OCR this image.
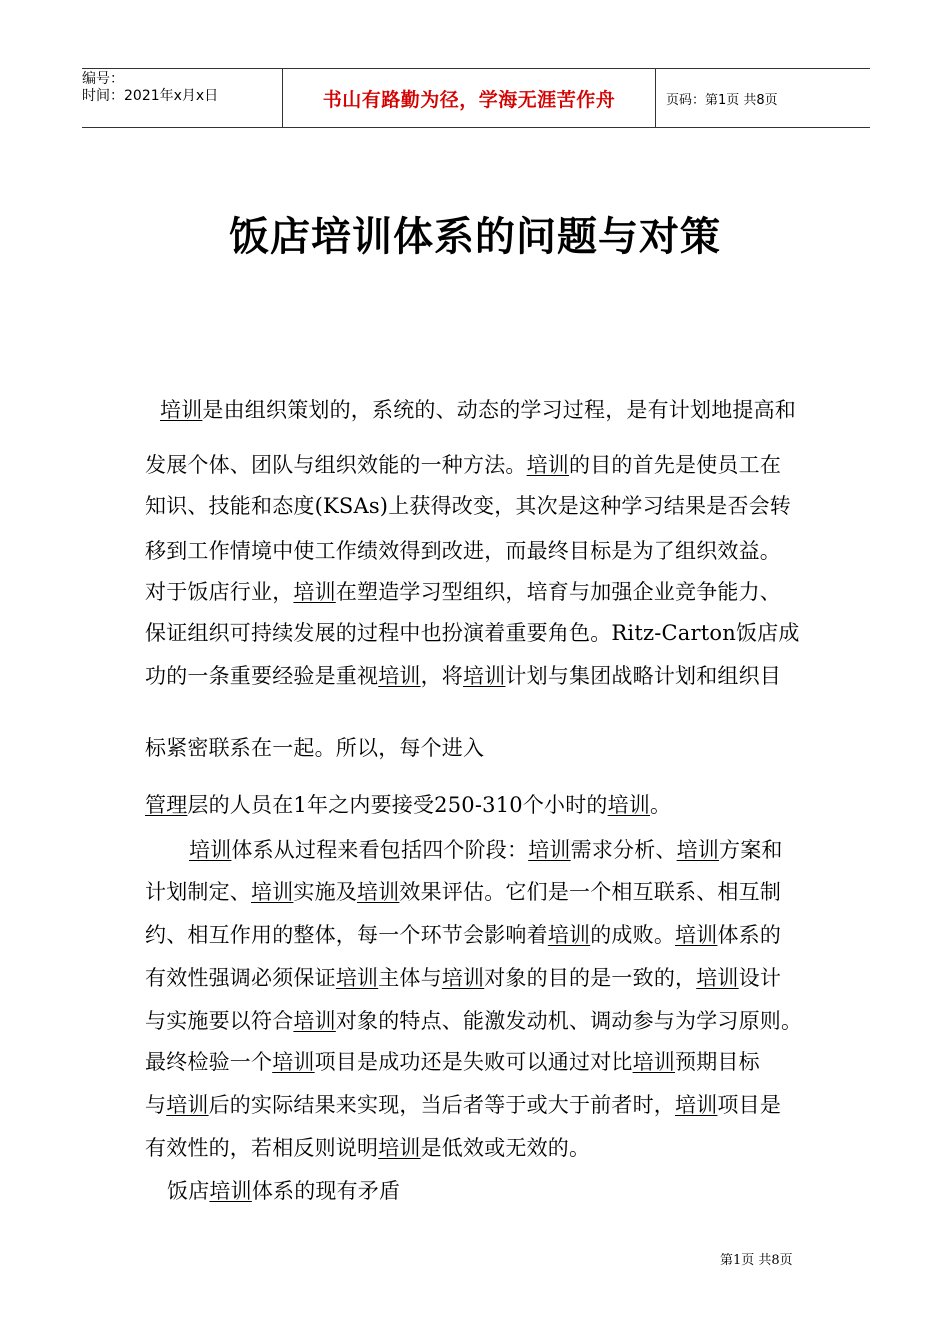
编号：
时间：2021年x月x日	书山有路勤为径，学海无涯苦作舟	页码：第1页 共8页
饭店培训体系的问题与对策
培训是由组织策划的，系统的、动态的学习过程，是有计划地提高和
发展个体、团队与组织效能的一种方法。培训的目的首先是使员工在
知识、技能和态度(KSAs)上获得改变，其次是这种学习结果是否会转
移到工作情境中使工作绩效得到改进，而最终目标是为了组织效益。
对于饭店行业，培训在塑造学习型组织，培育与加强企业竞争能力、
保证组织可持续发展的过程中也扮演着重要角色。Ritz-Carton饭店成
功的一条重要经验是重视培训，将培训计划与集团战略计划和组织目
标紧密联系在一起。所以，每个进入
管理层的人员在1年之内要接受250-310个小时的培训。
培训体系从过程来看包括四个阶段：培训需求分析、培训方案和
计划制定、培训实施及培训效果评估。它们是一个相互联系、相互制
约、相互作用的整体，每一个环节会影响着培训的成败。培训体系的
有效性强调必须保证培训主体与培训对象的目的是一致的，培训设计
与实施要以符合培训对象的特点、能激发动机、调动参与为学习原则。
最终检验一个培训项目是成功还是失败可以通过对比培训预期目标
与培训后的实际结果来实现，当后者等于或大于前者时，培训项目是
有效性的，若相反则说明培训是低效或无效的。
饭店培训体系的现有矛盾
第1页 共8页
